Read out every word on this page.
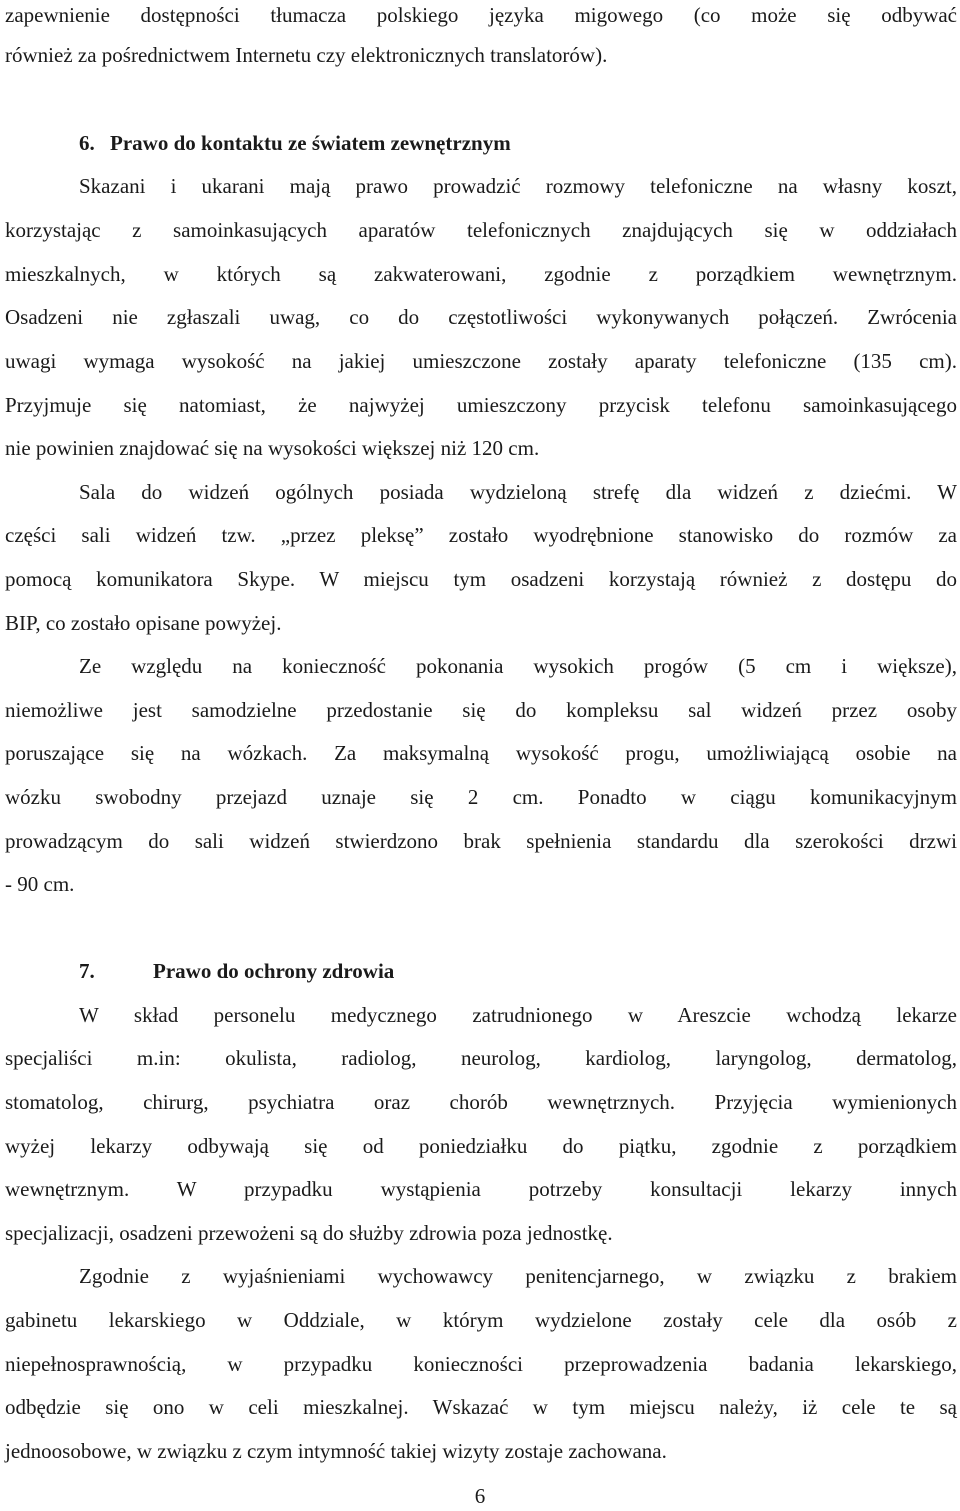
zapewnienie dostępności tłumacza polskiego języka migowego (co może się odbywać
również za pośrednictwem Internetu czy elektronicznych translatorów).
6. Prawo do kontaktu ze światem zewnętrznym
Skazani i ukarani mają prawo prowadzić rozmowy telefoniczne na własny koszt,
korzystając z samoinkasujących aparatów telefonicznych znajdujących się w oddziałach
mieszkalnych, w których są zakwaterowani, zgodnie z porządkiem wewnętrznym.
Osadzeni nie zgłaszali uwag, co do częstotliwości wykonywanych połączeń. Zwrócenia
uwagi wymaga wysokość na jakiej umieszczone zostały aparaty telefoniczne (135 cm).
Przyjmuje się natomiast, że najwyżej umieszczony przycisk telefonu samoinkasującego
nie powinien znajdować się na wysokości większej niż 120 cm.
Sala do widzeń ogólnych posiada wydzieloną strefę dla widzeń z dziećmi. W
części sali widzeń tzw. „przez pleksę” zostało wyodrębnione stanowisko do rozmów za
pomocą komunikatora Skype. W miejscu tym osadzeni korzystają również z dostępu do
BIP, co zostało opisane powyżej.
Ze względu na konieczność pokonania wysokich progów (5 cm i większe),
niemożliwe jest samodzielne przedostanie się do kompleksu sal widzeń przez osoby
poruszające się na wózkach. Za maksymalną wysokość progu, umożliwiającą osobie na
wózku swobodny przejazd uznaje się 2 cm. Ponadto w ciągu komunikacyjnym
prowadzącym do sali widzeń stwierdzono brak spełnienia standardu dla szerokości drzwi
- 90 cm.
7.	Prawo do ochrony zdrowia
W skład personelu medycznego zatrudnionego w Areszcie wchodzą lekarze
specjaliści m.in: okulista, radiolog, neurolog, kardiolog, laryngolog, dermatolog,
stomatolog, chirurg, psychiatra oraz chorób wewnętrznych. Przyjęcia wymienionych
wyżej lekarzy odbywają się od poniedziałku do piątku, zgodnie z porządkiem
wewnętrznym. W przypadku wystąpienia potrzeby konsultacji lekarzy innych
specjalizacji, osadzeni przewożeni są do służby zdrowia poza jednostkę.
Zgodnie z wyjaśnieniami wychowawcy penitencjarnego, w związku z brakiem
gabinetu lekarskiego w Oddziale, w którym wydzielone zostały cele dla osób z
niepełnosprawnością, w przypadku konieczności przeprowadzenia badania lekarskiego,
odbędzie się ono w celi mieszkalnej. Wskazać w tym miejscu należy, iż cele te są
jednoosobowe, w związku z czym intymność takiej wizyty zostaje zachowana.
6
